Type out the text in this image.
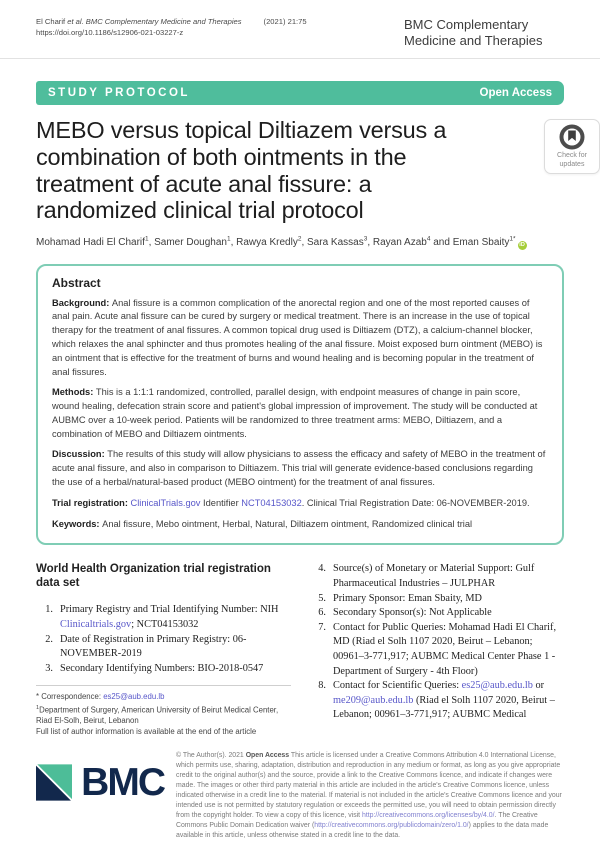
El Charif et al. BMC Complementary Medicine and Therapies	(2021) 21:75
https://doi.org/10.1186/s12906-021-03227-z	BMC Complementary Medicine and Therapies
STUDY PROTOCOL	Open Access
MEBO versus topical Diltiazem versus a combination of both ointments in the treatment of acute anal fissure: a randomized clinical trial protocol
Check for updates
Mohamad Hadi El Charif$^1$, Samer Doughan$^1$, Rawya Kredly$^2$, Sara Kassas$^3$, Rayan Azab$^4$ and Eman Sbaity$^{1*}$iD
Abstract

Background: Anal fissure is a common complication of the anorectal region and one of the most reported causes of anal pain. Acute anal fissure can be cured by surgery or medical treatment. There is an increase in the use of topical therapy for the treatment of anal fissures. A common topical drug used is Diltiazem (DTZ), a calcium-channel blocker, which relaxes the anal sphincter and thus promotes healing of the anal fissure. Moist exposed burn ointment (MEBO) is an ointment that is effective for the treatment of burns and wound healing and is becoming popular in the treatment of anal fissures.

Methods: This is a 1:1:1 randomized, controlled, parallel design, with endpoint measures of change in pain score, wound healing, defecation strain score and patient's global impression of improvement. The study will be conducted at AUBMC over a 10-week period. Patients will be randomized to three treatment arms: MEBO, Diltiazem, and a combination of MEBO and Diltiazem ointments.

Discussion: The results of this study will allow physicians to assess the efficacy and safety of MEBO in the treatment of acute anal fissure, and also in comparison to Diltiazem. This trial will generate evidence-based conclusions regarding the use of a herbal/natural-based product (MEBO ointment) for the treatment of anal fissures.

Trial registration: ClinicalTrials.gov Identifier NCT04153032. Clinical Trial Registration Date: 06-NOVEMBER-2019.

Keywords: Anal fissure, Mebo ointment, Herbal, Natural, Diltiazem ointment, Randomized clinical trial

World Health Organization trial registration data set
1. Primary Registry and Trial Identifying Number: NIH Clinicaltrials.gov; NCT04153032
2. Date of Registration in Primary Registry: 06-NOVEMBER-2019
3. Secondary Identifying Numbers: BIO-2018-0547
* Correspondence: es25@aub.edu.lb
$^1$Department of Surgery, American University of Beirut Medical Center, Riad El-Solh, Beirut, Lebanon
Full list of author information is available at the end of the article
4. Source(s) of Monetary or Material Support: Gulf Pharmaceutical Industries – JULPHAR
5. Primary Sponsor: Eman Sbaity, MD
6. Secondary Sponsor(s): Not Applicable
7. Contact for Public Queries: Mohamad Hadi El Charif, MD (Riad el Solh 1107 2020, Beirut – Lebanon; 00961–3-771,917; AUBMC Medical Center Phase 1 - Department of Surgery - 4th Floor)
8. Contact for Scientific Queries: es25@aub.edu.lb or me209@aub.edu.lb (Riad el Solh 1107 2020, Beirut – Lebanon; 00961–3-771,917; AUBMC Medical
BMC
© The Author(s). 2021 Open Access This article is licensed under a Creative Commons Attribution 4.0 International License, which permits use, sharing, adaptation, distribution and reproduction in any medium or format, as long as you give appropriate credit to the original author(s) and the source, provide a link to the Creative Commons licence, and indicate if changes were made. The images or other third party material in this article are included in the article's Creative Commons licence, unless indicated otherwise in a credit line to the material. If material is not included in the article's Creative Commons licence and your intended use is not permitted by statutory regulation or exceeds the permitted use, you will need to obtain permission directly from the copyright holder. To view a copy of this licence, visit http://creativecommons.org/licenses/by/4.0/. The Creative Commons Public Domain Dedication waiver (http://creativecommons.org/publicdomain/zero/1.0/) applies to the data made available in this article, unless otherwise stated in a credit line to the data.
